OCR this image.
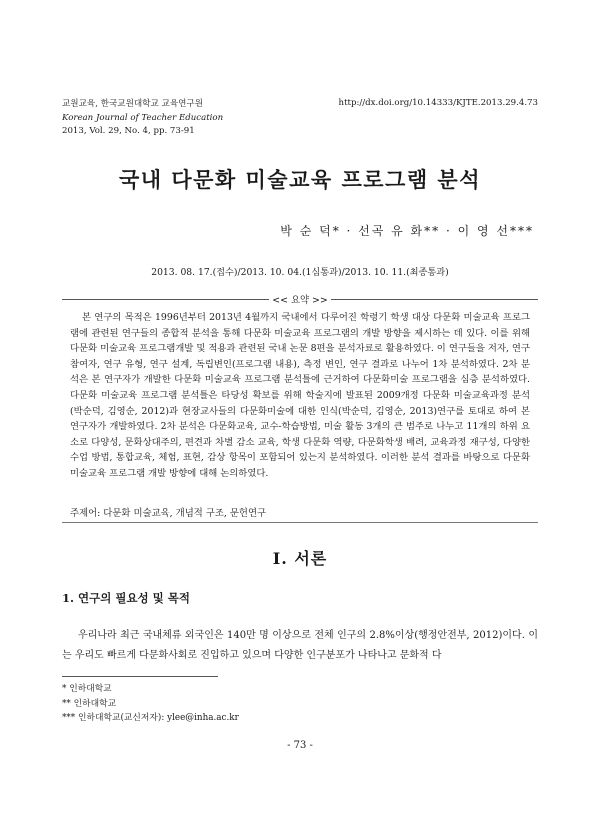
교원교육, 한국교원대학교 교육연구원
Korean Journal of Teacher Education
2013, Vol. 29, No. 4, pp. 73-91
http://dx.doi.org/10.14333/KJTE.2013.29.4.73
국내 다문화 미술교육 프로그램 분석
박 순 덕* · 선곡 유 화** · 이 영 선***
2013. 08. 17.(접수)/2013. 10. 04.(1심통과)/2013. 10. 11.(최종통과)
<< 요약 >>

본 연구의 목적은 1996년부터 2013년 4월까지 국내에서 다루어진 학령기 학생 대상 다문화 미술교육 프로그램에 관련된 연구들의 종합적 분석을 통해 다문화 미술교육 프로그램의 개발 방향을 제시하는 데 있다. 이를 위해 다문화 미술교육 프로그램개발 및 적용과 관련된 국내 논문 8편을 분석자료로 활용하였다. 이 연구들을 저자, 연구 참여자, 연구 유형, 연구 설계, 독립변인(프로그램 내용), 측정 변인, 연구 결과로 나누어 1차 분석하였다. 2차 분석은 본 연구자가 개발한 다문화 미술교육 프로그램 분석틀에 근거하여 다문화미술 프로그램을 심층 분석하였다. 다문화 미술교육 프로그램 분석틀은 타당성 확보를 위해 학술지에 발표된 2009개정 다문화 미술교육과정 분석(박순덕, 김영순, 2012)과 현장교사들의 다문화미술에 대한 인식(박순덕, 김영순, 2013)연구를 토대로 하여 본 연구자가 개발하였다. 2차 분석은 다문화교육, 교수-학습방법, 미술 활동 3개의 큰 범주로 나누고 11개의 하위 요소로 다양성, 문화상대주의, 편견과 차별 감소 교육, 학생 다문화 역량, 다문화학생 배려, 교육과정 재구성, 다양한 수업 방법, 통합교육, 체험, 표현, 감상 항목이 포함되어 있는지 분석하였다. 이러한 분석 결과를 바탕으로 다문화 미술교육 프로그램 개발 방향에 대해 논의하였다.

주제어: 다문화 미술교육, 개념적 구조, 문헌연구
Ⅰ. 서론
1. 연구의 필요성 및 목적

우리나라 최근 국내체류 외국인은 140만 명 이상으로 전체 인구의 2.8%이상(행정안전부, 2012)이다. 이는 우리도 빠르게 다문화사회로 진입하고 있으며 다양한 인구분포가 나타나고 문화적 다

* 인하대학교
** 인하대학교
*** 인하대학교(교신저자): ylee@inha.ac.kr
- 73 -
